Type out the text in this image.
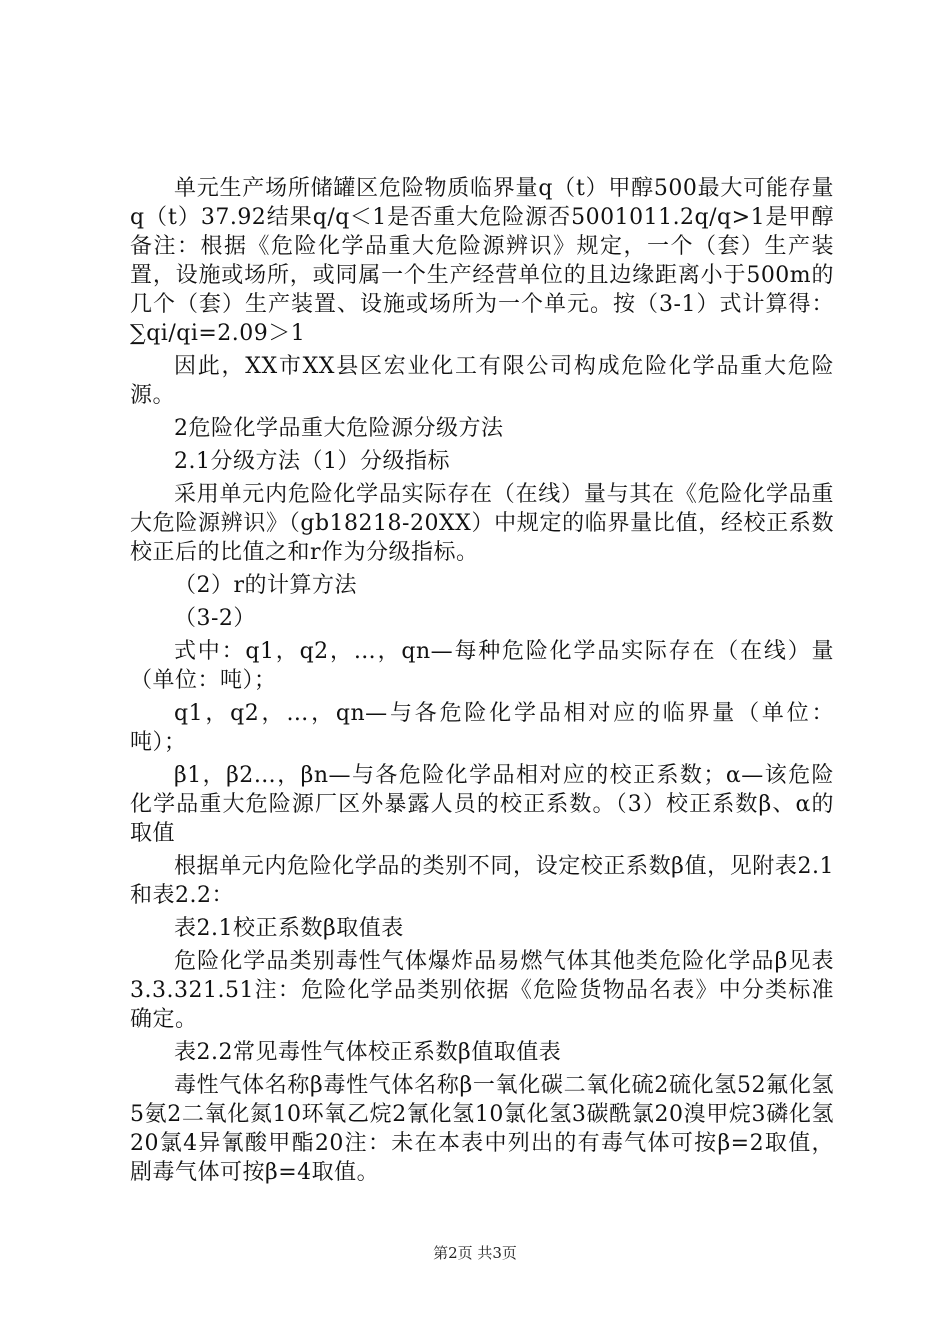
单元生产场所储罐区危险物质临界量q（t）甲醇500最大可能存量q（t）37.92结果q/q＜1是否重大危险源否5001011.2q/q>1是甲醇备注：根据《危险化学品重大危险源辨识》规定，一个（套）生产装置，设施或场所，或同属一个生产经营单位的且边缘距离小于500m的几个（套）生产装置、设施或场所为一个单元。按（3-1）式计算得：∑qi/qi=2.09＞1

因此，XX市XX县区宏业化工有限公司构成危险化学品重大危险源。

2危险化学品重大危险源分级方法

2.1分级方法（1）分级指标

采用单元内危险化学品实际存在（在线）量与其在《危险化学品重大危险源辨识》（gb18218-20XX）中规定的临界量比值，经校正系数校正后的比值之和r作为分级指标。

（2）r的计算方法

（3-2）

式中：q1，q2，…，qn—每种危险化学品实际存在（在线）量（单位：吨）；

q1，q2，…，qn—与各危险化学品相对应的临界量（单位：吨）；

β1，β2…，βn—与各危险化学品相对应的校正系数；α—该危险化学品重大危险源厂区外暴露人员的校正系数。（3）校正系数β、α的取值

根据单元内危险化学品的类别不同，设定校正系数β值，见附表2.1和表2.2：

表2.1校正系数β取值表

危险化学品类别毒性气体爆炸品易燃气体其他类危险化学品β见表3.3.321.51注：危险化学品类别依据《危险货物品名表》中分类标准确定。

表2.2常见毒性气体校正系数β值取值表

毒性气体名称β毒性气体名称β一氧化碳二氧化硫2硫化氢52氟化氢5氨2二氧化氮10环氧乙烷2氰化氢10氯化氢3碳酰氯20溴甲烷3磷化氢20氯4异氰酸甲酯20注：未在本表中列出的有毒气体可按β=2取值，剧毒气体可按β=4取值。

第2页 共3页
